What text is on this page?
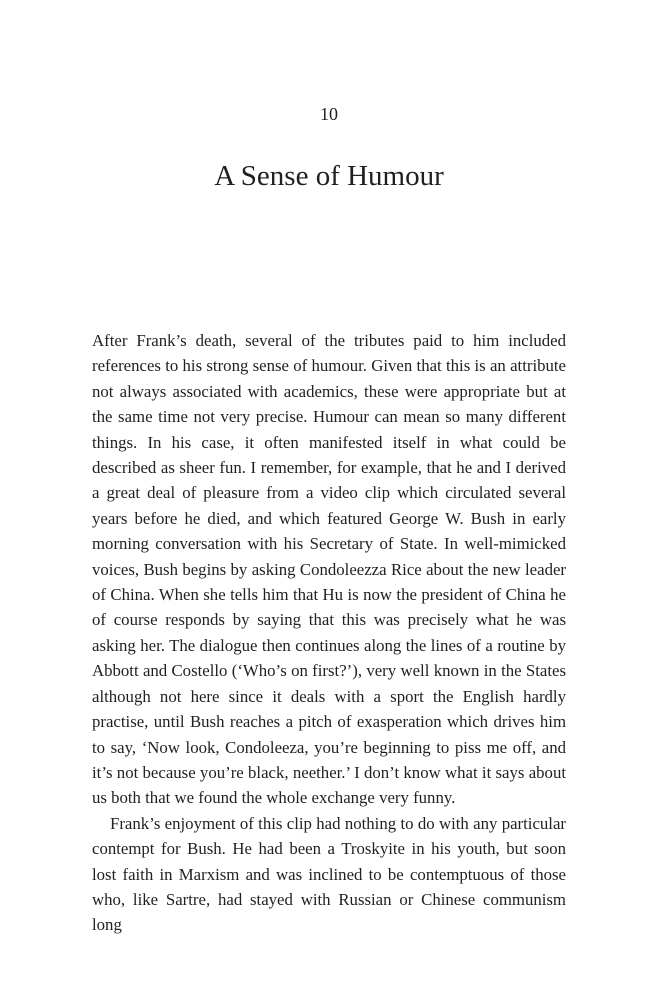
10
A Sense of Humour

After Frank’s death, several of the tributes paid to him included references to his strong sense of humour. Given that this is an attribute not always associated with academics, these were appropriate but at the same time not very precise. Humour can mean so many different things. In his case, it often manifested itself in what could be described as sheer fun. I remember, for example, that he and I derived a great deal of pleasure from a video clip which circulated several years before he died, and which featured George W. Bush in early morning conversation with his Secretary of State. In well-mimicked voices, Bush begins by asking Condoleezza Rice about the new leader of China. When she tells him that Hu is now the president of China he of course responds by saying that this was precisely what he was asking her. The dialogue then continues along the lines of a routine by Abbott and Costello (‘Who’s on first?’), very well known in the States although not here since it deals with a sport the English hardly practise, until Bush reaches a pitch of exasperation which drives him to say, ‘Now look, Condoleeza, you’re beginning to piss me off, and it’s not because you’re black, neether.’ I don’t know what it says about us both that we found the whole exchange very funny.

Frank’s enjoyment of this clip had nothing to do with any particular contempt for Bush. He had been a Troskyite in his youth, but soon lost faith in Marxism and was inclined to be contemptuous of those who, like Sartre, had stayed with Russian or Chinese communism long
